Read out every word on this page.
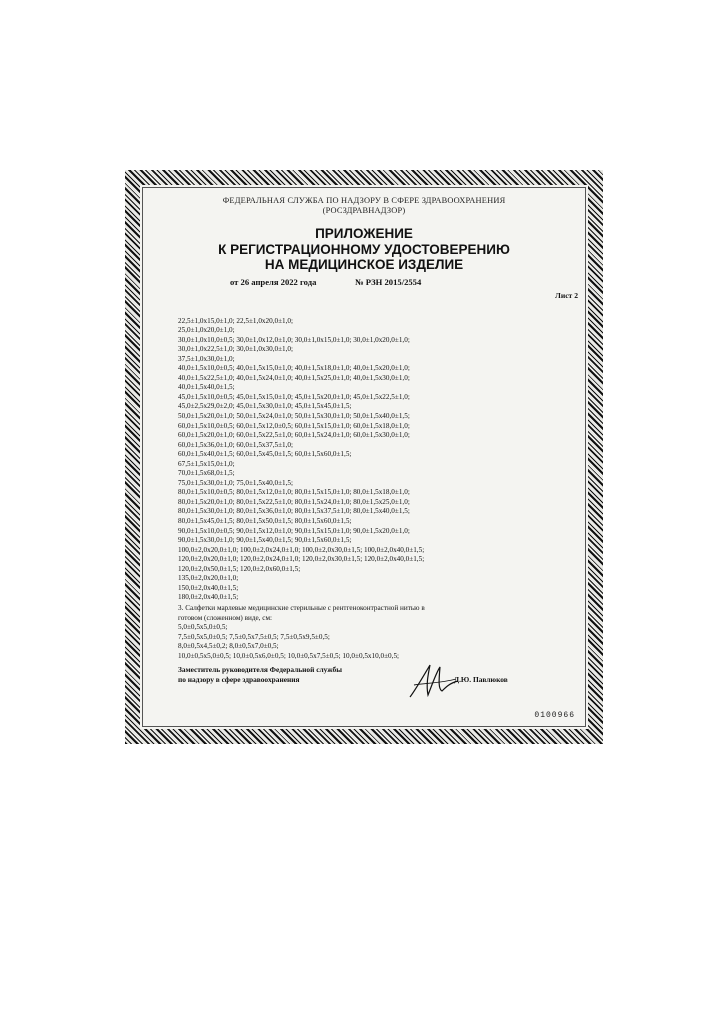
ФЕДЕРАЛЬНАЯ СЛУЖБА ПО НАДЗОРУ В СФЕРЕ ЗДРАВООХРАНЕНИЯ
(РОСЗДРАВНАДЗОР)
ПРИЛОЖЕНИЕ
К РЕГИСТРАЦИОННОМУ УДОСТОВЕРЕНИЮ
НА МЕДИЦИНСКОЕ ИЗДЕЛИЕ
от 26 апреля 2022 года	№ РЗН 2015/2554
Лист 2
22,5±1,0х15,0±1,0; 22,5±1,0х20,0±1,0;
25,0±1,0х20,0±1,0;
30,0±1,0х10,0±0,5; 30,0±1,0х12,0±1,0; 30,0±1,0х15,0±1,0; 30,0±1,0х20,0±1,0;
30,0±1,0х22,5±1,0; 30,0±1,0х30,0±1,0;
37,5±1,0х30,0±1,0;
40,0±1,5х10,0±0,5; 40,0±1,5х15,0±1,0; 40,0±1,5х18,0±1,0; 40,0±1,5х20,0±1,0;
40,0±1,5х22,5±1,0; 40,0±1,5х24,0±1,0; 40,0±1,5х25,0±1,0; 40,0±1,5х30,0±1,0;
40,0±1,5х40,0±1,5;
45,0±1,5х10,0±0,5; 45,0±1,5х15,0±1,0; 45,0±1,5х20,0±1,0; 45,0±1,5х22,5±1,0;
45,0±2,5х29,0±2,0; 45,0±1,5х30,0±1,0; 45,0±1,5х45,0±1,5;
50,0±1,5х20,0±1,0; 50,0±1,5х24,0±1,0; 50,0±1,5х30,0±1,0; 50,0±1,5х40,0±1,5;
60,0±1,5х10,0±0,5; 60,0±1,5х12,0±0,5; 60,0±1,5х15,0±1,0; 60,0±1,5х18,0±1,0;
60,0±1,5х20,0±1,0; 60,0±1,5х22,5±1,0; 60,0±1,5х24,0±1,0; 60,0±1,5х30,0±1,0;
60,0±1,5х36,0±1,0; 60,0±1,5х37,5±1,0;
60,0±1,5х40,0±1,5; 60,0±1,5х45,0±1,5; 60,0±1,5х60,0±1,5;
67,5±1,5х15,0±1,0;
70,0±1,5х68,0±1,5;
75,0±1,5х30,0±1,0; 75,0±1,5х40,0±1,5;
80,0±1,5х10,0±0,5; 80,0±1,5х12,0±1,0; 80,0±1,5х15,0±1,0; 80,0±1,5х18,0±1,0;
80,0±1,5х20,0±1,0; 80,0±1,5х22,5±1,0; 80,0±1,5х24,0±1,0; 80,0±1,5х25,0±1,0;
80,0±1,5х30,0±1,0; 80,0±1,5х36,0±1,0; 80,0±1,5х37,5±1,0; 80,0±1,5х40,0±1,5;
80,0±1,5х45,0±1,5; 80,0±1,5х50,0±1,5; 80,0±1,5х60,0±1,5;
90,0±1,5х10,0±0,5; 90,0±1,5х12,0±1,0; 90,0±1,5х15,0±1,0; 90,0±1,5х20,0±1,0;
90,0±1,5х30,0±1,0; 90,0±1,5х40,0±1,5; 90,0±1,5х60,0±1,5;
100,0±2,0х20,0±1,0; 100,0±2,0х24,0±1,0; 100,0±2,0х30,0±1,5; 100,0±2,0х40,0±1,5;
120,0±2,0х20,0±1,0; 120,0±2,0х24,0±1,0; 120,0±2,0х30,0±1,5; 120,0±2,0х40,0±1,5;
120,0±2,0х50,0±1,5; 120,0±2,0х60,0±1,5;
135,0±2,0х20,0±1,0;
150,0±2,0х40,0±1,5;
180,0±2,0х40,0±1,5;
3. Салфетки марлевые медицинские стерильные с рентгеноконтрастной нитью в
готовом (сложенном) виде, см:
5,0±0,5х5,0±0,5;
7,5±0,5х5,0±0,5; 7,5±0,5х7,5±0,5; 7,5±0,5х9,5±0,5;
8,0±0,5х4,5±0,2; 8,0±0,5х7,0±0,5;
10,0±0,5х5,0±0,5; 10,0±0,5х6,0±0,5; 10,0±0,5х7,5±0,5; 10,0±0,5х10,0±0,5;
Заместитель руководителя Федеральной службы
по надзору в сфере здравоохранения	Д.Ю. Павлюков
0100966
